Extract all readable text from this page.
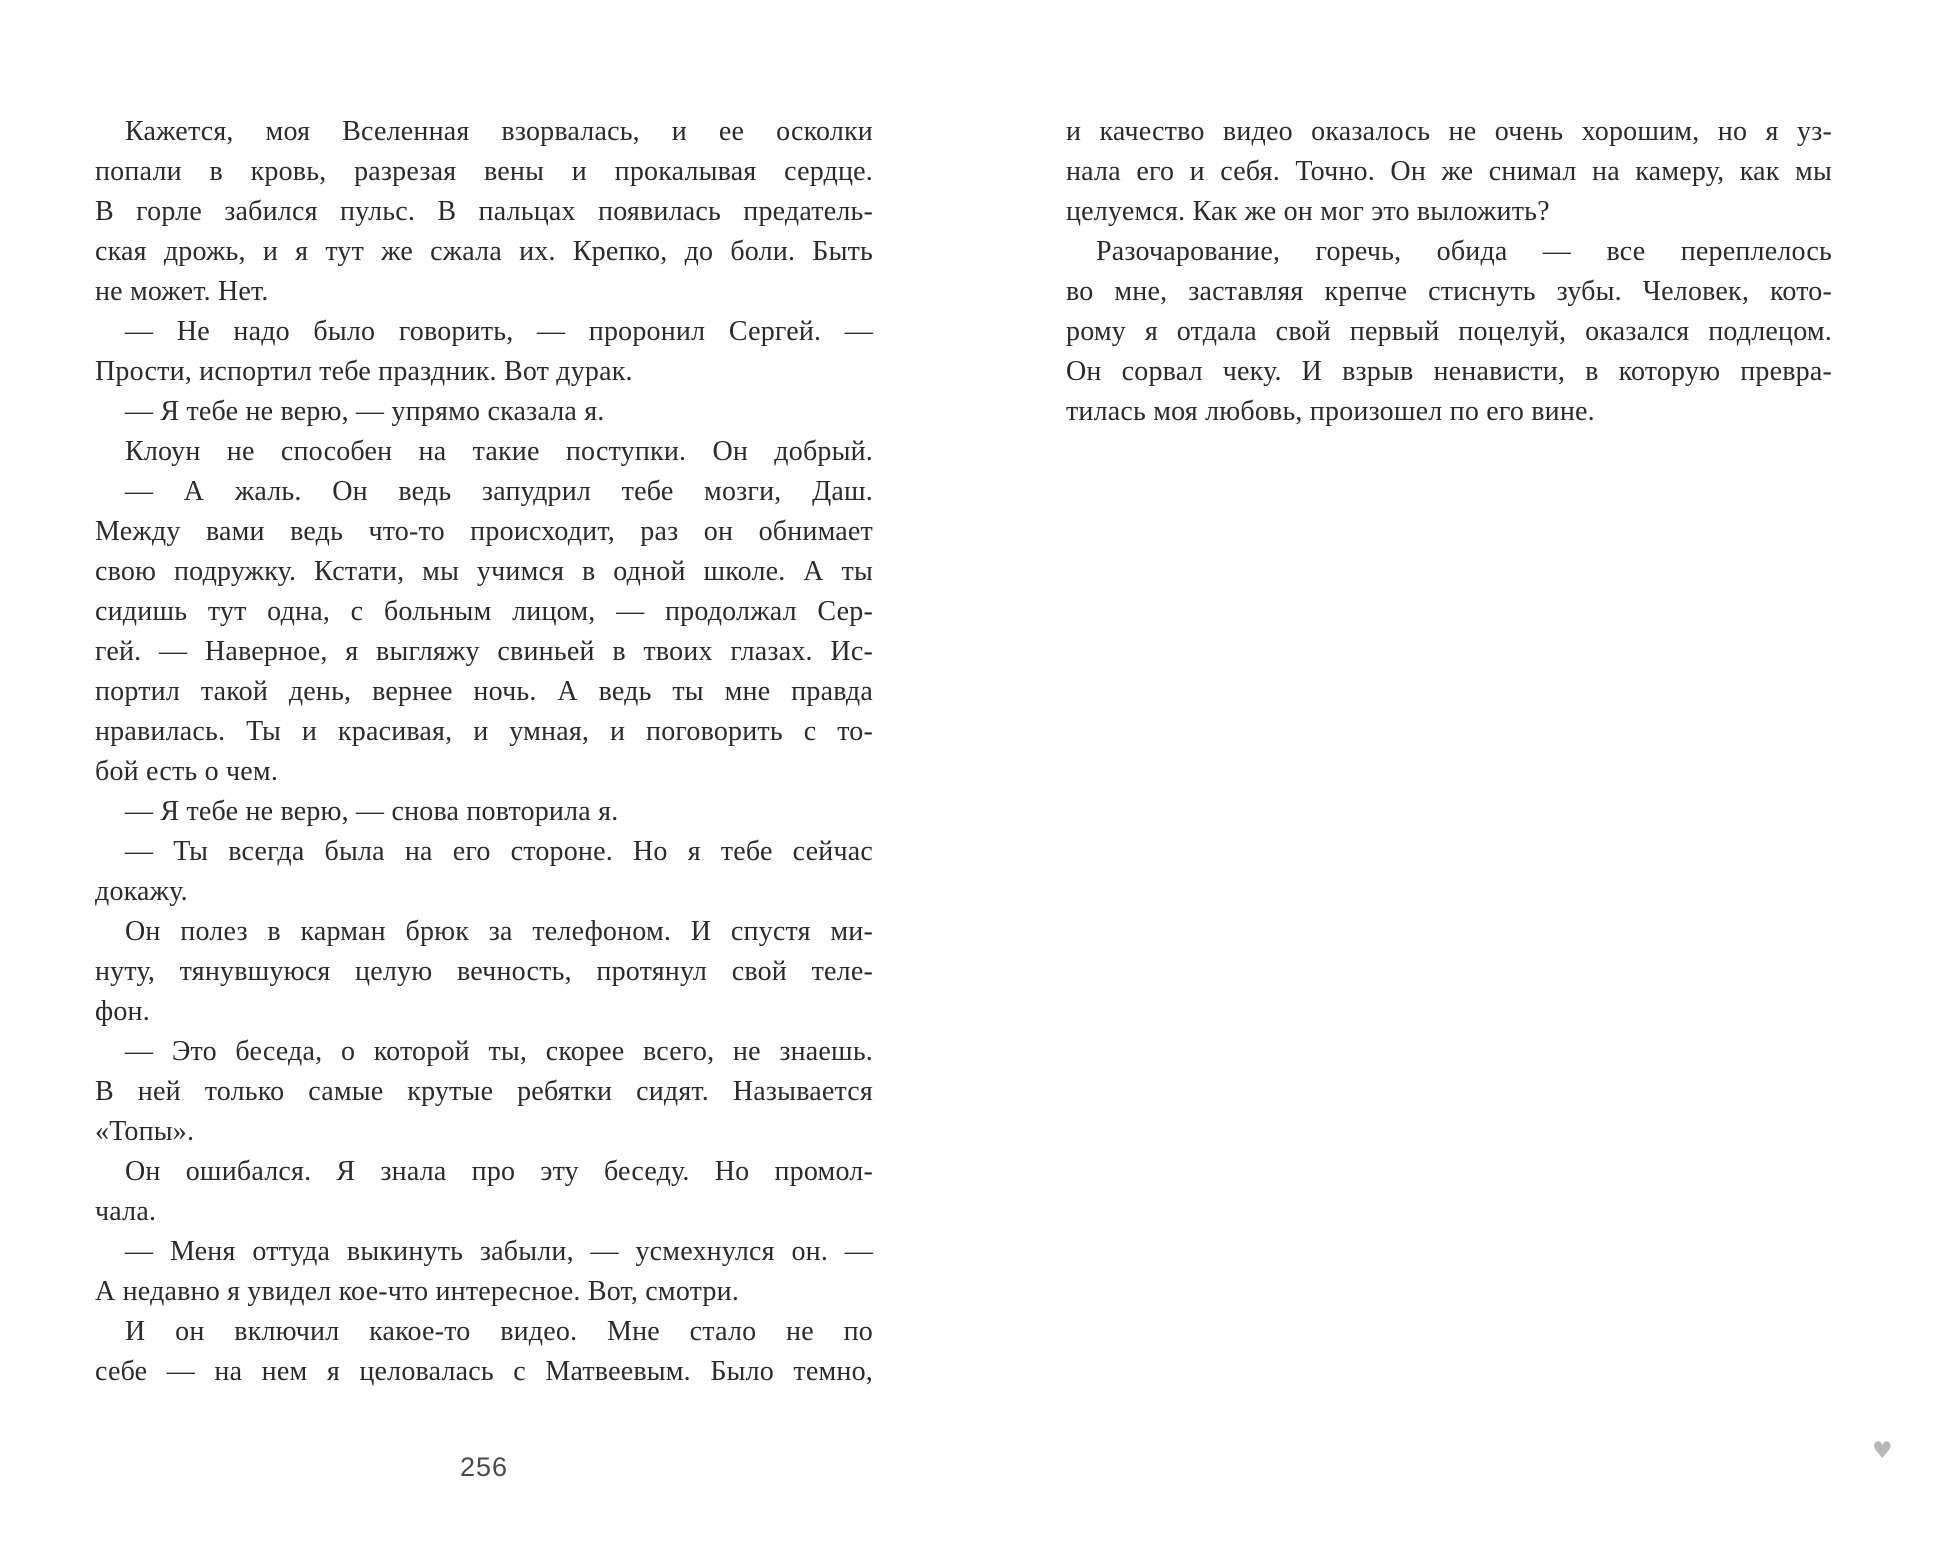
Кажется, моя Вселенная взорвалась, и ее осколки
попали в кровь, разрезая вены и прокалывая сердце.
В горле забился пульс. В пальцах появилась предатель-
ская дрожь, и я тут же сжала их. Крепко, до боли. Быть
не может. Нет.
— Не надо было говорить, — проронил Сергей. —
Прости, испортил тебе праздник. Вот дурак.
— Я тебе не верю, — упрямо сказала я.
Клоун не способен на такие поступки. Он добрый.
— А жаль. Он ведь запудрил тебе мозги, Даш.
Между вами ведь что-то происходит, раз он обнимает
свою подружку. Кстати, мы учимся в одной школе. А ты
сидишь тут одна, с больным лицом, — продолжал Сер-
гей. — Наверное, я выгляжу свиньей в твоих глазах. Ис-
портил такой день, вернее ночь. А ведь ты мне правда
нравилась. Ты и красивая, и умная, и поговорить с то-
бой есть о чем.
— Я тебе не верю, — снова повторила я.
— Ты всегда была на его стороне. Но я тебе сейчас
докажу.
Он полез в карман брюк за телефоном. И спустя ми-
нуту, тянувшуюся целую вечность, протянул свой теле-
фон.
— Это беседа, о которой ты, скорее всего, не знаешь.
В ней только самые крутые ребятки сидят. Называется
«Топы».
Он ошибался. Я знала про эту беседу. Но промол-
чала.
— Меня оттуда выкинуть забыли, — усмехнулся он. —
А недавно я увидел кое-что интересное. Вот, смотри.
И он включил какое-то видео. Мне стало не по
себе — на нем я целовалась с Матвеевым. Было темно,
и качество видео оказалось не очень хорошим, но я уз-
нала его и себя. Точно. Он же снимал на камеру, как мы
целуемся. Как же он мог это выложить?
Разочарование, горечь, обида — все переплелось
во мне, заставляя крепче стиснуть зубы. Человек, кото-
рому я отдала свой первый поцелуй, оказался подлецом.
Он сорвал чеку. И взрыв ненависти, в которую превра-
тилась моя любовь, произошел по его вине.
256
♥
